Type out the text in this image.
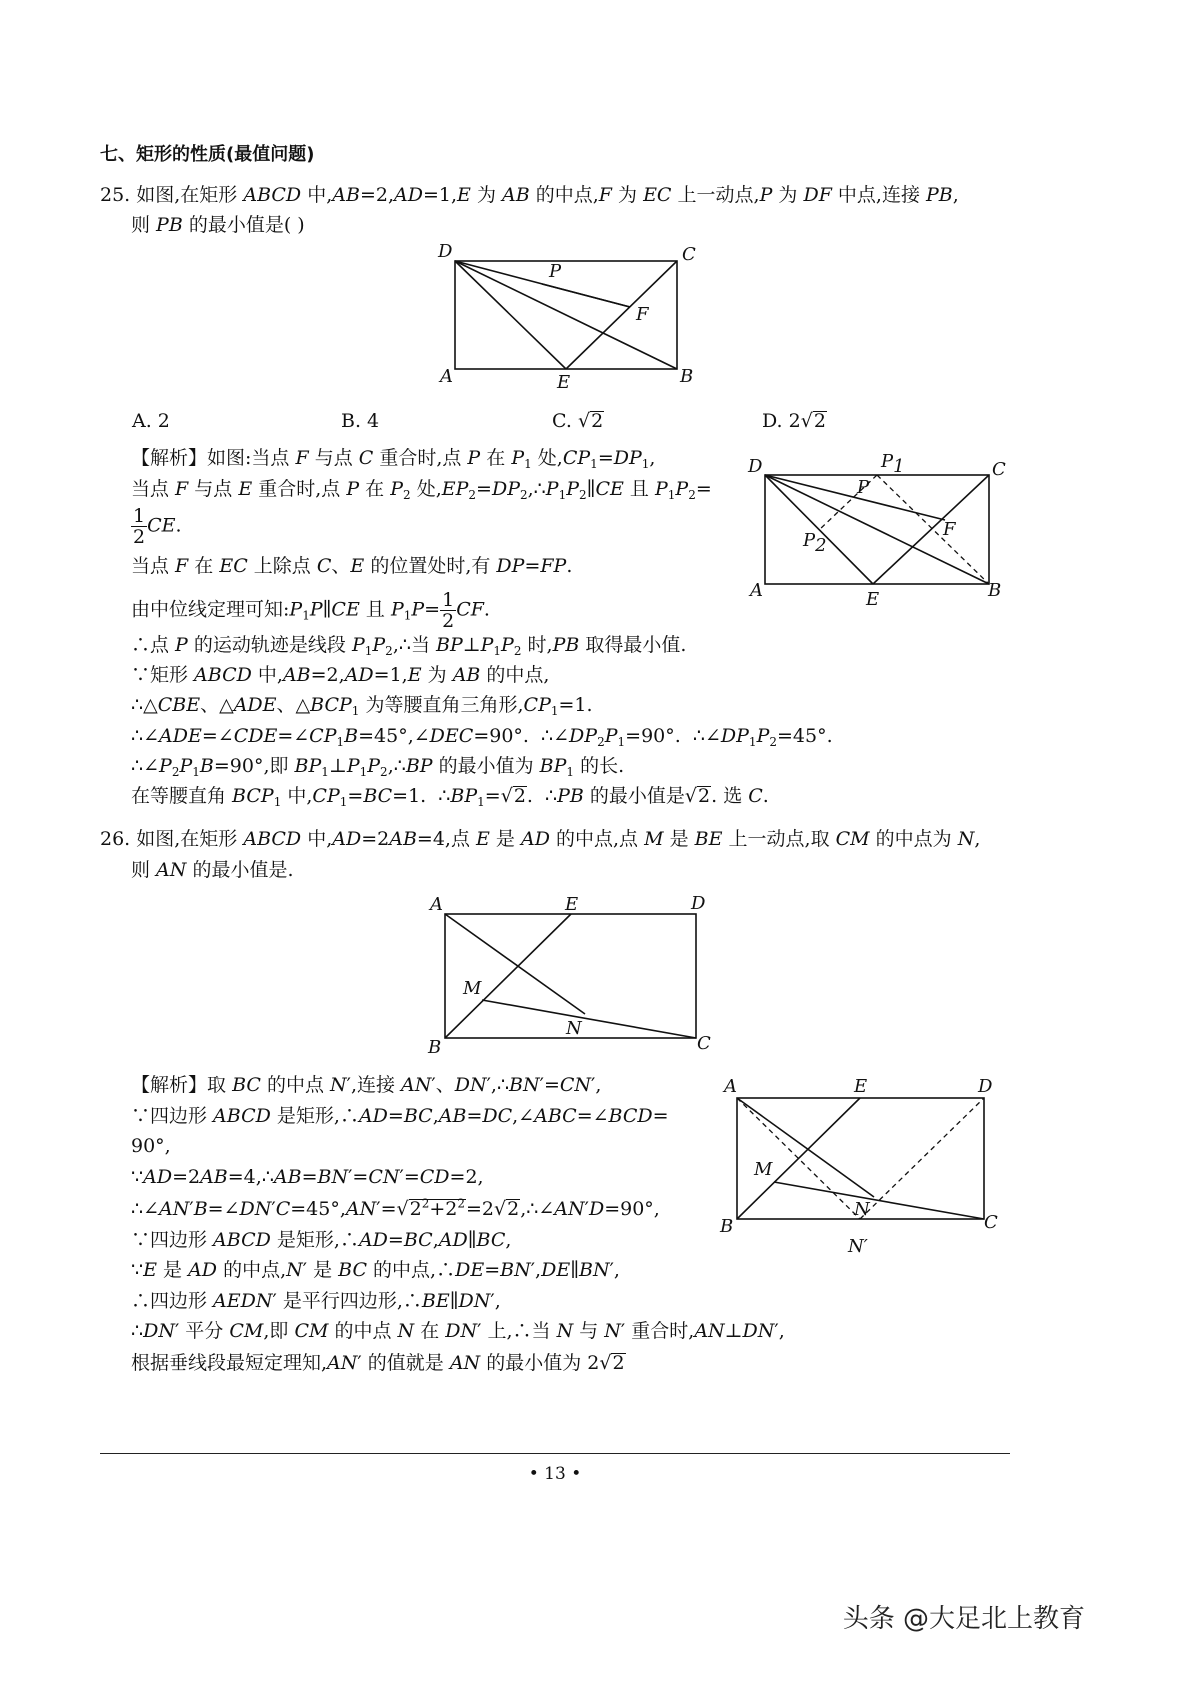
七、矩形的性质(最值问题)
25. 如图,在矩形 ABCD 中,AB=2,AD=1,E 为 AB 的中点,F 为 EC 上一动点,P 为 DF 中点,连接 PB,
则 PB 的最小值是( )
D	C
P
F
A	E	B
A. 2	B. 4	C. √2	D. 2√2
【解析】如图:当点 F 与点 C 重合时,点 P 在 $P_1$ 处$,CP_1=DP_1$,
当点 F 与点 E 重合时,点 P 在 $P_2$ 处$,EP_2=DP_2,\therefore P_1P_2\parallel CE$ 且 $P_1P_2=$
$\frac{1}{2}$ CE.
当点 F 在 EC 上除点 C、E 的位置处时,有 DP=FP.
由中位线定理可知$:P_1P\parallel CE$ 且 $P_1P= \frac{1}{2}$ CF.
∴点 P 的运动轨迹是线段 $P_1P_2,\therefore$当 $BP\perp P_1P_2$ 时,PB 取得最小值.
∵矩形 ABCD 中,AB=2,AD=1,E 为 AB 的中点,
∴△CBE、△ADE、$\triangle BCP_1$ 为等腰直角三角形$,CP_1=1$.
$\therefore\angle ADE=\angle CDE=\angle CP_1B=45^\circ,\angle DEC=90^\circ$.  $\therefore\angle DP_2P_1=90^\circ$.  $\therefore\angle DP_1P_2=45^\circ$.
$\therefore\angle P_2P_1B=90^\circ$,即 $BP_1\perp P_1P_2,\therefore BP$ 的最小值为 $BP_1$ 的长.
在等腰直角 $BCP_1$ 中$,CP_1=BC=1$.  $\therefore BP_1=√2$.  ∴PB 的最小值是√2. 选 C.
D	P1	C
P
F
P2
A	E	B
26. 如图,在矩形 ABCD 中,AD=2AB=4,点 E 是 AD 的中点,点 M 是 BE 上一动点,取 CM 的中点为 N,
则 AN 的最小值是.
A	E	D
M
N
B	C
【解析】取 BC 的中点 N′,连接 AN′、DN′,∴BN′=CN′,
∵四边形 ABCD 是矩形,∴AD=BC,AB=DC,∠ABC=∠BCD=
90°,
∵AD=2AB=4,∴AB=BN′=CN′=CD=2,
$\therefore\angle AN'B=\angle DN'C=45^\circ,AN'=√2^2+2^2=2√2,\therefore\angle AN'D=90^\circ$,
∵四边形 ABCD 是矩形,∴AD=BC,AD∥BC,
∵E 是 AD 的中点,N′ 是 BC 的中点,∴DE=BN′,DE∥BN′,
∴四边形 AEDN′ 是平行四边形,∴BE∥DN′,
∴DN′ 平分 CM,即 CM 的中点 N 在 DN′ 上,∴当 N 与 N′ 重合时,AN⊥DN′,
根据垂线段最短定理知,AN′ 的值就是 AN 的最小值为 2√2
A	E	D
M
N
B	C
N′
• 13 •
头条 @大足北上教育
